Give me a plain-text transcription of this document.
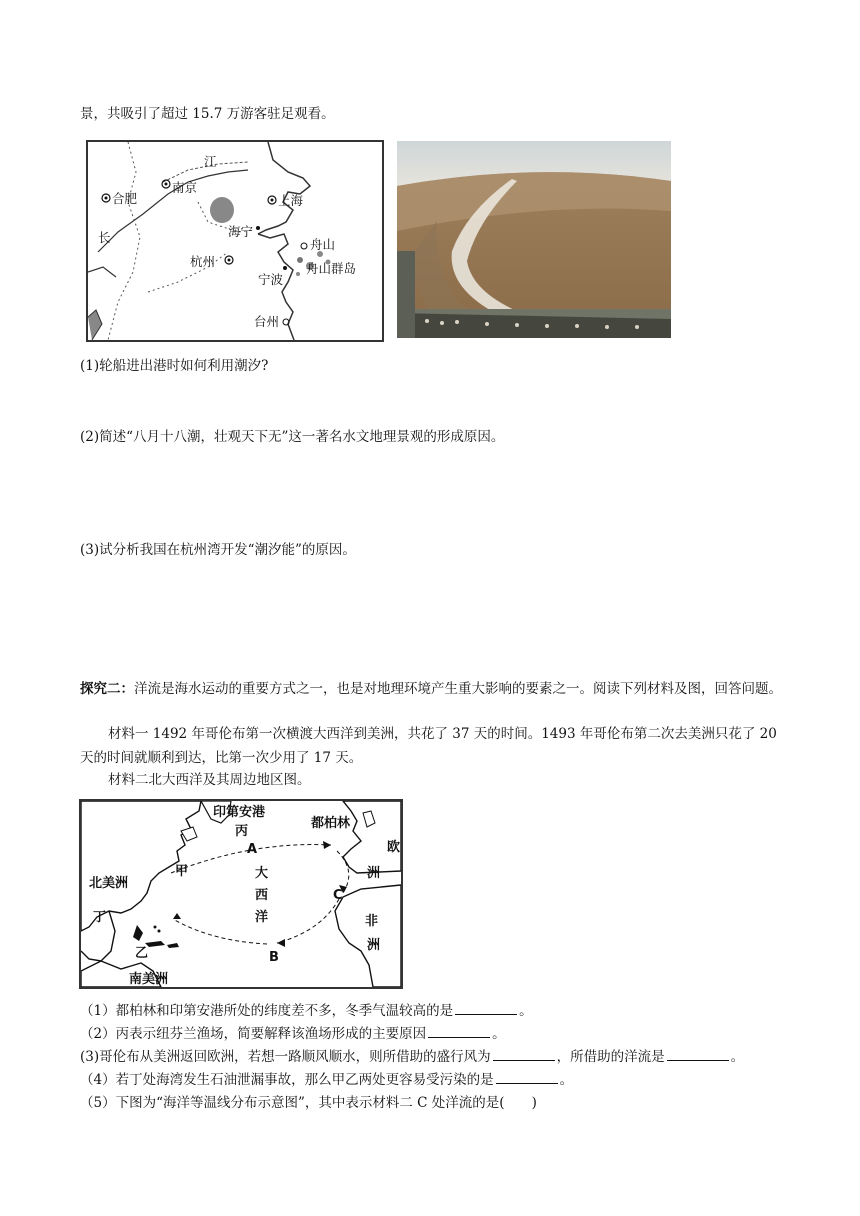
景，共吸引了超过 15.7 万游客驻足观看。
江
合肥
南京
上海
长	海宁
杭州
舟山
宁波
舟山群岛
台州
(1)轮船进出港时如何利用潮汐?
(2)简述“八月十八潮，壮观天下无”这一著名水文地理景观的形成原因。
(3)试分析我国在杭州湾开发“潮汐能”的原因。
探究二：洋流是海水运动的重要方式之一，也是对地理环境产生重大影响的要素之一。阅读下列材料及图，回答问题。
材料一 1492 年哥伦布第一次横渡大西洋到美洲，共花了 37 天的时间。1493 年哥伦布第二次去美洲只花了 20 天的时间就顺利到达，比第一次少用了 17 天。
材料二北大西洋及其周边地区图。
印第安港
都柏林
丙
A	欧
洲
北美洲
甲	大
西
洋
C
非
洲
丁
乙	B
南美洲
（1）都柏林和印第安港所处的纬度差不多，冬季气温较高的是	。
（2）丙表示纽芬兰渔场，简要解释该渔场形成的主要原因	。
(3)哥伦布从美洲返回欧洲，若想一路顺风顺水，则所借助的盛行风为	，所借助的洋流是	。
（4）若丁处海湾发生石油泄漏事故，那么甲乙两处更容易受污染的是	。
（5）下图为“海洋等温线分布示意图”，其中表示材料二 C 处洋流的是(　　)
